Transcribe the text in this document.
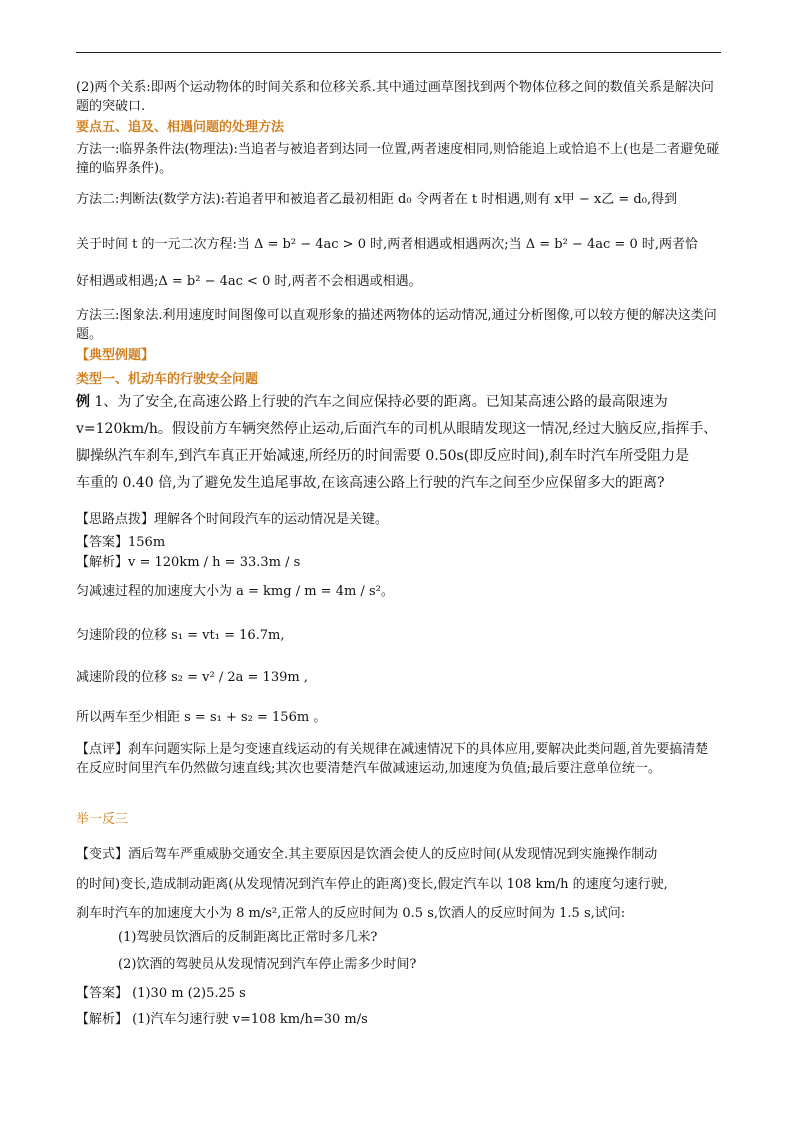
(2)两个关系:即两个运动物体的时间关系和位移关系.其中通过画草图找到两个物体位移之间的数值关系是解决问题的突破口.
要点五、追及、相遇问题的处理方法
方法一:临界条件法(物理法):当追者与被追者到达同一位置,两者速度相同,则恰能追上或恰追不上(也是二者避免碰撞的临界条件)。
方法二:判断法(数学方法):若追者甲和被追者乙最初相距 d₀ 令两者在 t 时相遇,则有 x甲 − x乙 = d₀,得到
关于时间 t 的一元二次方程:当 Δ = b² − 4ac > 0 时,两者相遇或相遇两次;当 Δ = b² − 4ac = 0 时,两者恰
好相遇或相遇;Δ = b² − 4ac < 0 时,两者不会相遇或相遇。
方法三:图象法.利用速度时间图像可以直观形象的描述两物体的运动情况,通过分析图像,可以较方便的解决这类问题。
【典型例题】
类型一、机动车的行驶安全问题
例 1、为了安全,在高速公路上行驶的汽车之间应保持必要的距离。已知某高速公路的最高限速为
v=120km/h。假设前方车辆突然停止运动,后面汽车的司机从眼睛发现这一情况,经过大脑反应,指挥手、
脚操纵汽车刹车,到汽车真正开始减速,所经历的时间需要 0.50s(即反应时间),刹车时汽车所受阻力是
车重的 0.40 倍,为了避免发生追尾事故,在该高速公路上行驶的汽车之间至少应保留多大的距离?
【思路点拨】理解各个时间段汽车的运动情况是关键。
【答案】156m
【解析】v = 120km / h = 33.3m / s
匀减速过程的加速度大小为 a = kmg / m = 4m / s²。
匀速阶段的位移 s₁ = vt₁ = 16.7m,
减速阶段的位移 s₂ = v² / 2a = 139m ,
所以两车至少相距 s = s₁ + s₂ = 156m 。
【点评】刹车问题实际上是匀变速直线运动的有关规律在减速情况下的具体应用,要解决此类问题,首先要搞清楚在反应时间里汽车仍然做匀速直线;其次也要清楚汽车做减速运动,加速度为负值;最后要注意单位统一。
举一反三
【变式】酒后驾车严重威胁交通安全.其主要原因是饮酒会使人的反应时间(从发现情况到实施操作制动
的时间)变长,造成制动距离(从发现情况到汽车停止的距离)变长,假定汽车以 108 km/h 的速度匀速行驶,
刹车时汽车的加速度大小为 8 m/s²,正常人的反应时间为 0.5 s,饮酒人的反应时间为 1.5 s,试问:
(1)驾驶员饮酒后的反制距离比正常时多几米?
(2)饮酒的驾驶员从发现情况到汽车停止需多少时间?
【答案】 (1)30 m (2)5.25 s
【解析】 (1)汽车匀速行驶 v=108 km/h=30 m/s
